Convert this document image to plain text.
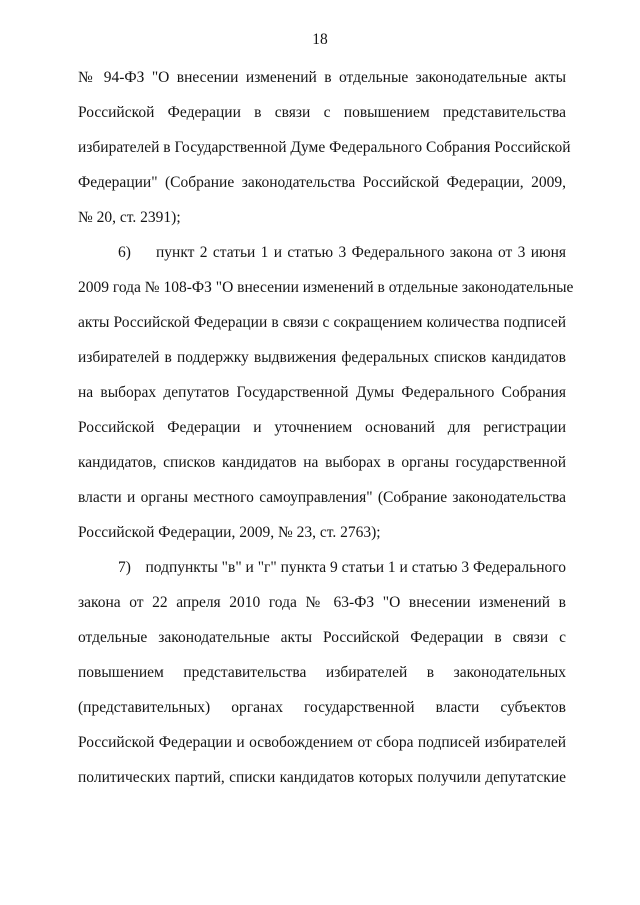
18
№ 94-ФЗ "О внесении изменений в отдельные законодательные акты
Российской Федерации в связи с повышением представительства
избирателей в Государственной Думе Федерального Собрания Российской
Федерации" (Собрание законодательства Российской Федерации, 2009,
№ 20, ст. 2391);
6)	пункт 2 статьи 1 и статью 3 Федерального закона от 3 июня
2009 года № 108-ФЗ "О внесении изменений в отдельные законодательные
акты Российской Федерации в связи с сокращением количества подписей
избирателей в поддержку выдвижения федеральных списков кандидатов
на выборах депутатов Государственной Думы Федерального Собрания
Российской Федерации и уточнением оснований для регистрации
кандидатов, списков кандидатов на выборах в органы государственной
власти и органы местного самоуправления" (Собрание законодательства
Российской Федерации, 2009, № 23, ст. 2763);
7) подпункты "в" и "г" пункта 9 статьи 1 и статью 3 Федерального
закона от 22 апреля 2010 года № 63-ФЗ "О внесении изменений в
отдельные законодательные акты Российской Федерации в связи с
повышением представительства избирателей в законодательных
(представительных) органах государственной власти субъектов
Российской Федерации и освобождением от сбора подписей избирателей
политических партий, списки кандидатов которых получили депутатские
